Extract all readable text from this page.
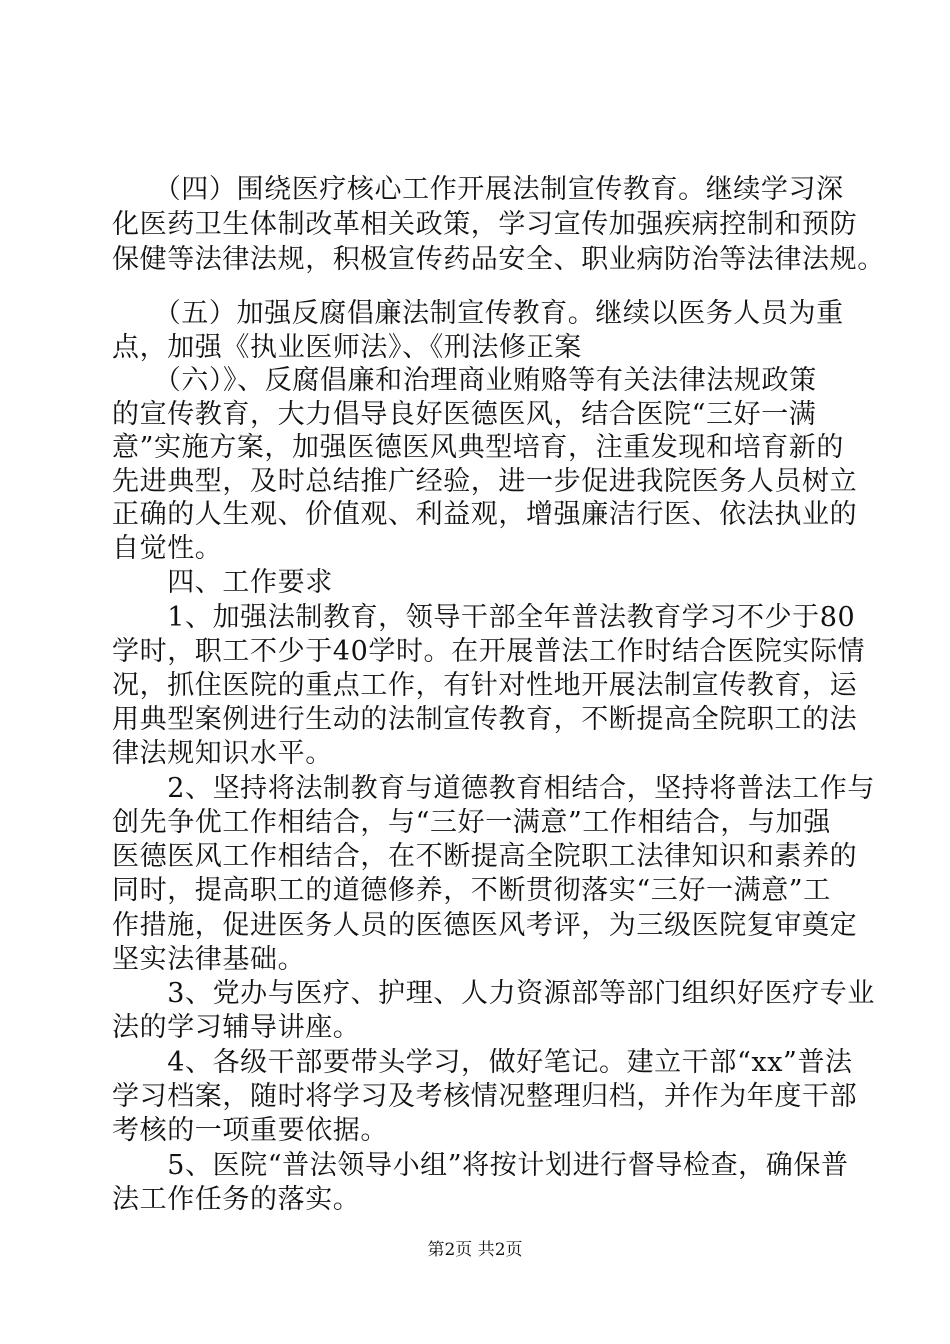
　　（四）围绕医疗核心工作开展法制宣传教育。继续学习深
化医药卫生体制改革相关政策，学习宣传加强疾病控制和预防
保健等法律法规，积极宣传药品安全、职业病防治等法律法规。
　　（五）加强反腐倡廉法制宣传教育。继续以医务人员为重
点，加强《执业医师法》、《刑法修正案
　　（六）》、反腐倡廉和治理商业贿赂等有关法律法规政策
的宣传教育，大力倡导良好医德医风，结合医院“三好一满
意”实施方案，加强医德医风典型培育，注重发现和培育新的
先进典型，及时总结推广经验，进一步促进我院医务人员树立
正确的人生观、价值观、利益观，增强廉洁行医、依法执业的
自觉性。
　　四、工作要求
　　1、加强法制教育，领导干部全年普法教育学习不少于80
学时，职工不少于40学时。在开展普法工作时结合医院实际情
况，抓住医院的重点工作，有针对性地开展法制宣传教育，运
用典型案例进行生动的法制宣传教育，不断提高全院职工的法
律法规知识水平。
　　2、坚持将法制教育与道德教育相结合，坚持将普法工作与
创先争优工作相结合，与“三好一满意”工作相结合，与加强
医德医风工作相结合，在不断提高全院职工法律知识和素养的
同时，提高职工的道德修养，不断贯彻落实“三好一满意”工
作措施，促进医务人员的医德医风考评，为三级医院复审奠定
坚实法律基础。
　　3、党办与医疗、护理、人力资源部等部门组织好医疗专业
法的学习辅导讲座。
　　4、各级干部要带头学习，做好笔记。建立干部“xx”普法
学习档案，随时将学习及考核情况整理归档，并作为年度干部
考核的一项重要依据。
　　5、医院“普法领导小组”将按计划进行督导检查，确保普
法工作任务的落实。
第2页 共2页
